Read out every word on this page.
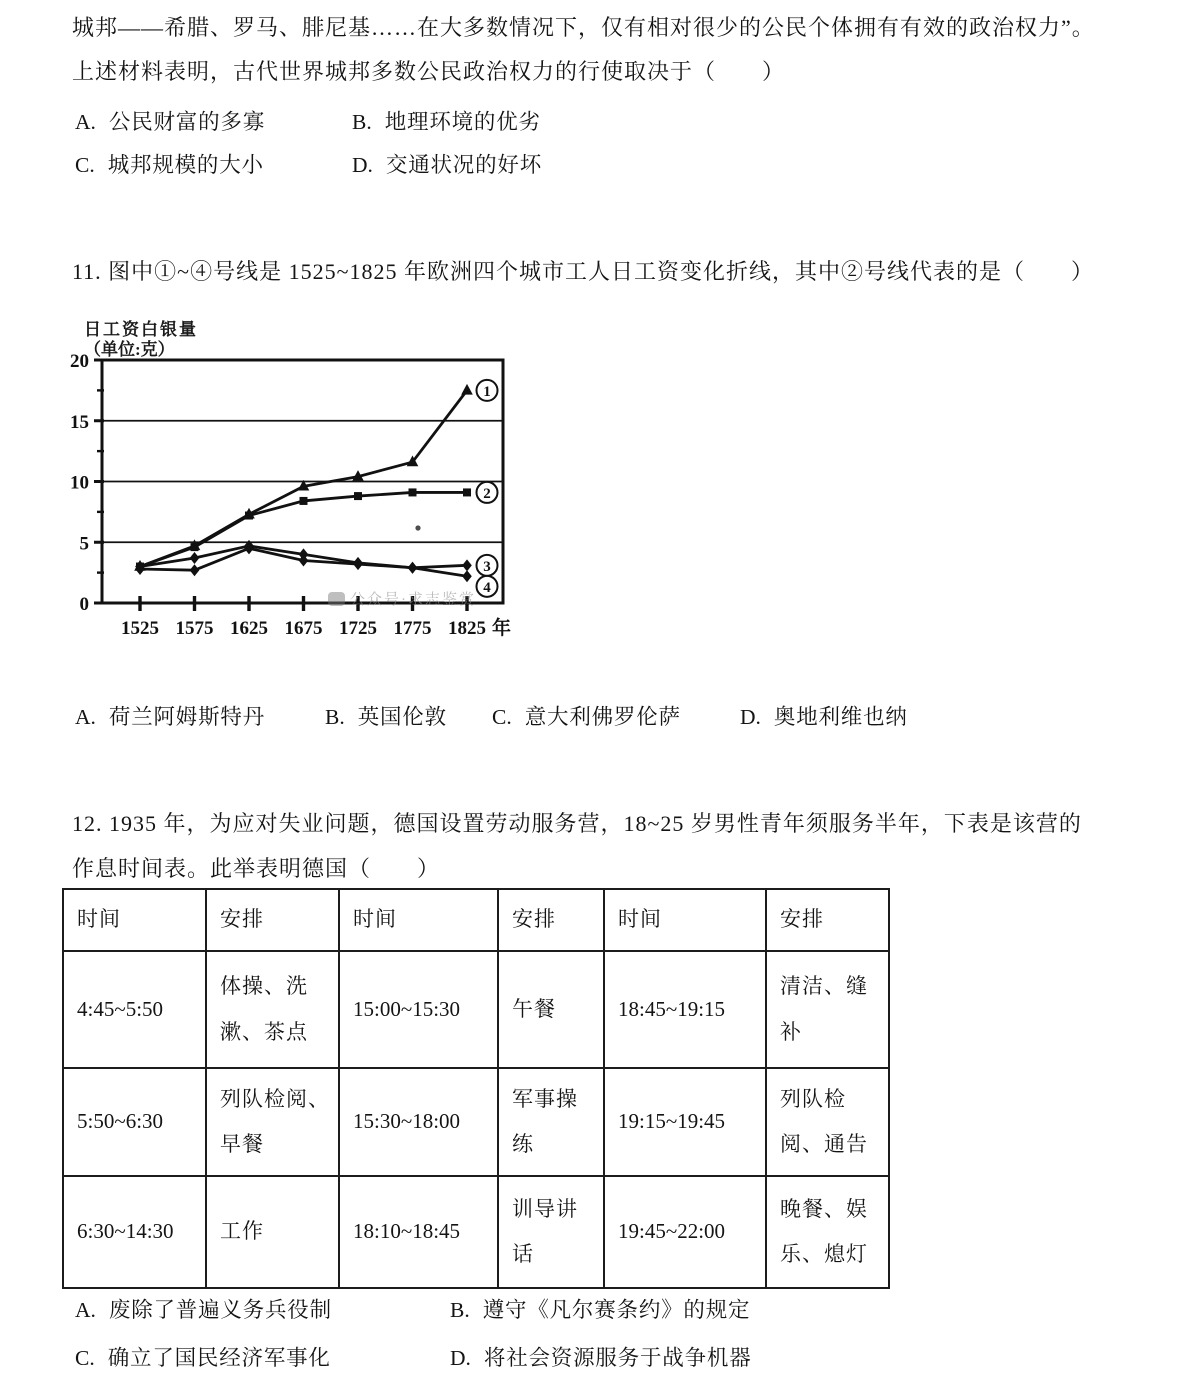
城邦——希腊、罗马、腓尼基……在大多数情况下，仅有相对很少的公民个体拥有有效的政治权力”。
上述材料表明，古代世界城邦多数公民政治权力的行使取决于（　　）
A. 公民财富的多寡	B. 地理环境的优劣
C. 城邦规模的大小	D. 交通状况的好坏
11. 图中①~④号线是 1525~1825 年欧洲四个城市工人日工资变化折线，其中②号线代表的是（　　）
日工资白银量
（单位:克）
0
5
10
15
20
1525 1575 1625 1675 1725 1775 1825 年
1
2
3
4
公众号·求志鉴赏
A. 荷兰阿姆斯特丹	B. 英国伦敦 C. 意大利佛罗伦萨	D. 奥地利维也纳
12. 1935 年，为应对失业问题，德国设置劳动服务营，18~25 岁男性青年须服务半年，下表是该营的
作息时间表。此举表明德国（　　）
时间	安排	时间	安排	时间	安排
4:45~5:50	体操、洗漱、茶点	15:00~15:30	午餐	18:45~19:15	清洁、缝补
5:50~6:30	列队检阅、早餐	15:30~18:00	军事操练	19:15~19:45	列队检阅、通告
6:30~14:30	工作	18:10~18:45	训导讲话	19:45~22:00	晚餐、娱乐、熄灯
A. 废除了普遍义务兵役制	B. 遵守《凡尔赛条约》的规定
C. 确立了国民经济军事化	D. 将社会资源服务于战争机器
